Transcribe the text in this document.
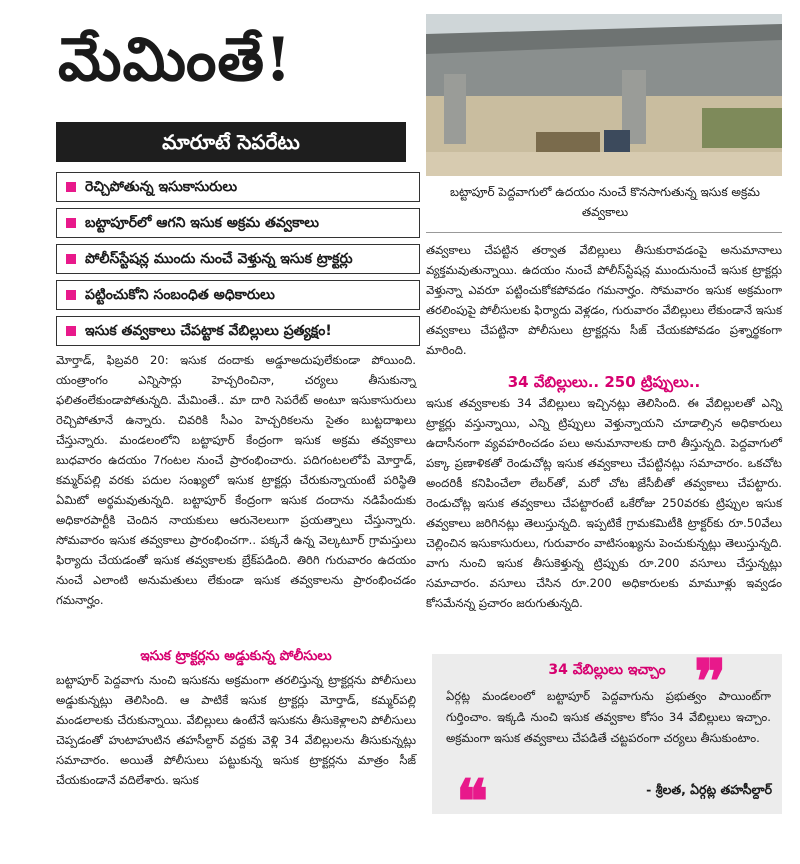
మేమింతే!
మారూటే సెపరేటు
రెచ్చిపోతున్న ఇసుకాసురులు
బట్టాపూర్‌లో ఆగని ఇసుక అక్రమ తవ్వకాలు
పోలీస్‌స్టేషన్ల ముందు నుంచే వెళ్తున్న ఇసుక ట్రాక్టర్లు
పట్టించుకోని సంబంధిత అధికారులు
ఇసుక తవ్వకాలు చేపట్టాక వేబిల్లులు ప్రత్యక్షం!

మోర్తాడ్, ఫిబ్రవరి 20: ఇసుక దందాకు అడ్డూఅదుపులేకుండా పోయింది. యంత్రాంగం ఎన్నిసార్లు హెచ్చరించినా, చర్యలు తీసుకున్నా ఫలితంలేకుండాపోతున్నది. మేమింతే.. మా దారి సెపరేట్ అంటూ ఇసుకాసురులు రెచ్చిపోతూనే ఉన్నారు. చివరికి సీఎం హెచ్చరికలను సైతం బుట్టదాఖలు చేస్తున్నారు. మండలంలోని బట్టాపూర్ కేంద్రంగా ఇసుక అక్రమ తవ్వకాలు బుధవారం ఉదయం 7గంటల నుంచే ప్రారంభించారు. పదిగంటలలోపే మోర్తాడ్, కమ్మర్‌పల్లి వరకు పదుల సంఖ్యలో ఇసుక ట్రాక్టర్లు చేరుకున్నాయంటే పరిస్థితి ఏమిటో అర్థమవుతున్నది. బట్టాపూర్ కేంద్రంగా ఇసుక దందాను నడిపేందుకు అధికారపార్టీకి చెందిన నాయకులు ఆరునెలలుగా ప్రయత్నాలు చేస్తున్నారు. సోమవారం ఇసుక తవ్వకాలు ప్రారంభించగా.. పక్కనే ఉన్న వెల్కటూర్ గ్రామస్తులు ఫిర్యాదు చేయడంతో ఇసుక తవ్వకాలకు బ్రేక్‌పడింది. తిరిగి గురువారం ఉదయం నుంచే ఎలాంటి అనుమతులు లేకుండా ఇసుక తవ్వకాలను ప్రారంభించడం గమనార్హం.

ఇసుక ట్రాక్టర్లను అడ్డుకున్న పోలీసులు

బట్టాపూర్ పెద్దవాగు నుంచి ఇసుకను అక్రమంగా తరలిస్తున్న ట్రాక్టర్లను పోలీసులు అడ్డుకున్నట్లు తెలిసింది. ఆ పాటికే ఇసుక ట్రాక్టర్లు మోర్తాడ్, కమ్మర్‌పల్లి మండలాలకు చేరుకున్నాయి. వేబిల్లులు ఉంటేనే ఇసుకను తీసుకెళ్లాలని పోలీసులు చెప్పడంతో హుటాహుటిన తహసీల్దార్ వద్దకు వెళ్లి 34 వేబిల్లులను తీసుకున్నట్లు సమాచారం. అయితే పోలీసులు పట్టుకున్న ఇసుక ట్రాక్టర్లను మాత్రం సీజ్ చేయకుండానే వదిలేశారు. ఇసుక

బట్టాపూర్ పెద్దవాగులో ఉదయం నుంచే కొనసాగుతున్న ఇసుక అక్రమ తవ్వకాలు

తవ్వకాలు చేపట్టిన తర్వాత వేబిల్లులు తీసుకురావడంపై అనుమానాలు వ్యక్తమవుతున్నాయి. ఉదయం నుంచే పోలీస్‌స్టేషన్ల ముందునుంచే ఇసుక ట్రాక్టర్లు వెళ్తున్నా ఎవరూ పట్టించుకోకపోవడం గమనార్హం. సోమవారం ఇసుక అక్రమంగా తరలింపుపై పోలీసులకు ఫిర్యాదు వెళ్లడం, గురువారం వేబిల్లులు లేకుండానే ఇసుక తవ్వకాలు చేపట్టినా పోలీసులు ట్రాక్టర్లను సీజ్ చేయకపోవడం ప్రశ్నార్థకంగా మారింది.

34 వేబిల్లులు.. 250 ట్రిప్పులు..

ఇసుక తవ్వకాలకు 34 వేబిల్లులు ఇచ్చినట్లు తెలిసింది. ఈ వేబిల్లులతో ఎన్ని ట్రాక్టర్లు వస్తున్నాయి, ఎన్ని ట్రిప్పులు వెళ్తున్నాయని చూడాల్సిన అధికారులు ఉదాసీనంగా వ్యవహరించడం పలు అనుమానాలకు దారి తీస్తున్నది. పెద్దవాగులో పక్కా ప్రణాళికతో రెండుచోట్ల ఇసుక తవ్వకాలు చేపట్టినట్లు సమాచారం. ఒకచోట అందరికీ కనిపించేలా లేబర్‌తో, మరో చోట జేసీబీతో తవ్వకాలు చేపట్టారు. రెండుచోట్ల ఇసుక తవ్వకాలు చేపట్టారంటే ఒకేరోజు 250వరకు ట్రిప్పుల ఇసుక తవ్వకాలు జరిగినట్లు తెలుస్తున్నది. ఇప్పటికే గ్రామకమిటీకి ట్రాక్టర్‌కు రూ.50వేలు చెల్లించిన ఇసుకాసురులు, గురువారం వాటిసంఖ్యను పెంచుకున్నట్లు తెలుస్తున్నది. వాగు నుంచి ఇసుక తీసుకెళ్తున్న ట్రిప్పుకు రూ.200 వసూలు చేస్తున్నట్లు సమాచారం. వసూలు చేసిన రూ.200 అధికారులకు మామూళ్లు ఇవ్వడం కోసమేనన్న ప్రచారం జరుగుతున్నది.

34 వేబిల్లులు ఇచ్చాం ❞
ఏర్గట్ల మండలంలో బట్టాపూర్ పెద్దవాగును ప్రభుత్వం పాయింట్‌గా గుర్తించాం. ఇక్కడి నుంచి ఇసుక తవ్వకాల కోసం 34 వేబిల్లులు ఇచ్చాం. అక్రమంగా ఇసుక తవ్వకాలు చేపడితే చట్టపరంగా చర్యలు తీసుకుంటాం.
❝	- శ్రీలత, ఏర్గట్ల తహసీల్దార్
